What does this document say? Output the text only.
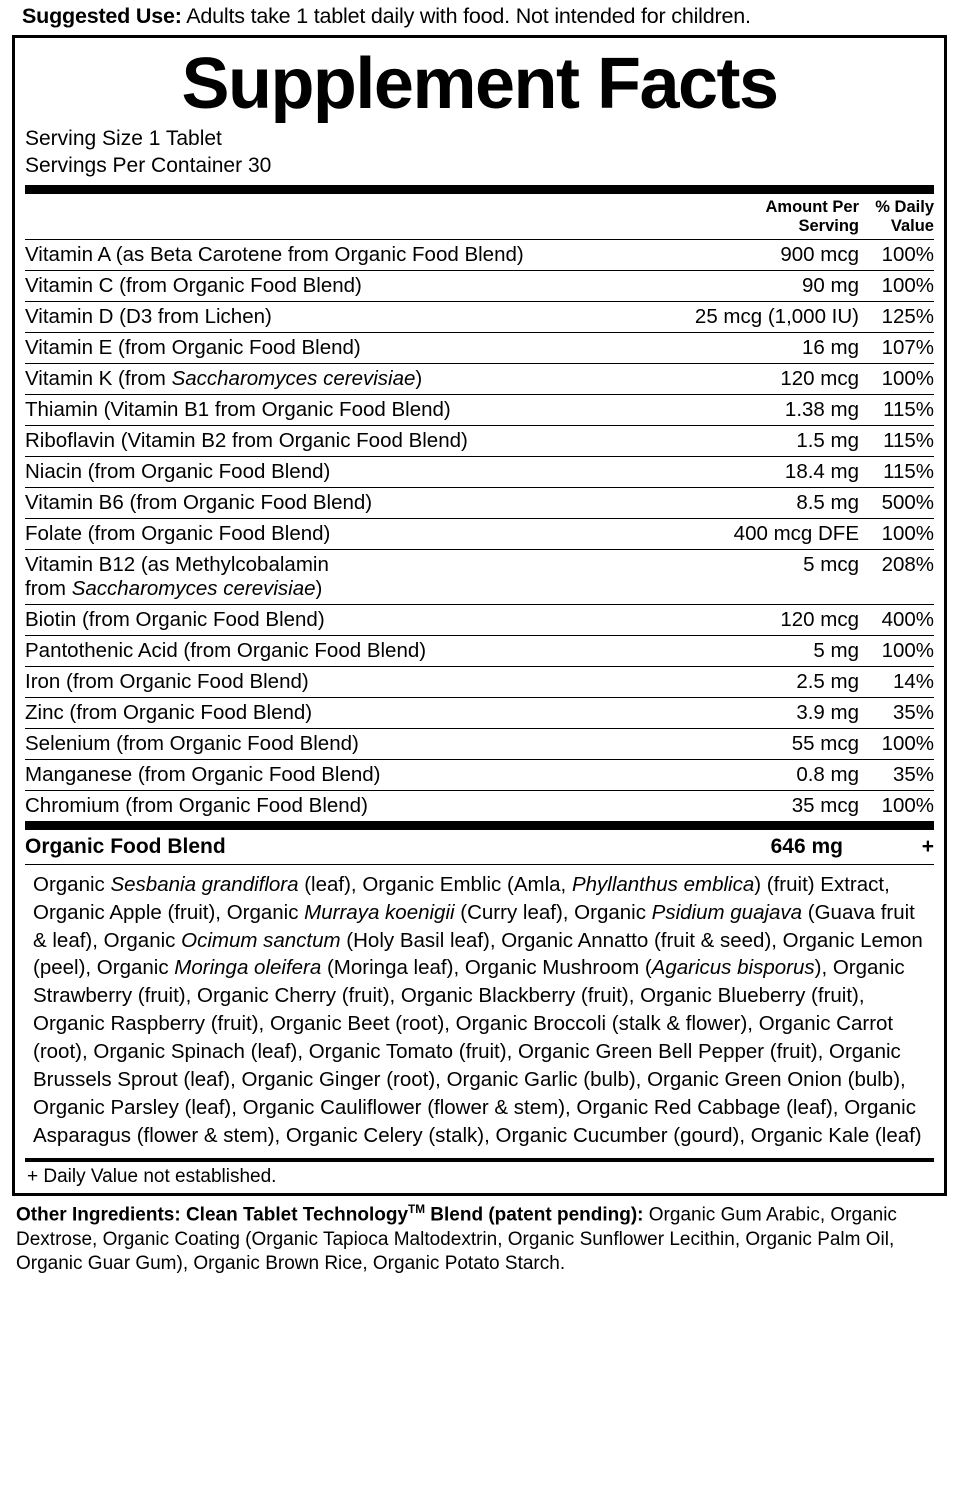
Suggested Use: Adults take 1 tablet daily with food. Not intended for children.
Supplement Facts
Serving Size 1 Tablet
Servings Per Container 30

Amount Per
Serving

% Daily
Value

Vitamin A (as Beta Carotene from Organic Food Blend)	900 mcg	100%
Vitamin C (from Organic Food Blend)	90 mg	100%
Vitamin D (D3 from Lichen)	25 mcg (1,000 IU)	125%
Vitamin E (from Organic Food Blend)	16 mg	107%
Vitamin K (from Saccharomyces cerevisiae)	120 mcg	100%
Thiamin (Vitamin B1 from Organic Food Blend)	1.38 mg	115%
Riboflavin (Vitamin B2 from Organic Food Blend)	1.5 mg	115%
Niacin (from Organic Food Blend)	18.4 mg	115%
Vitamin B6 (from Organic Food Blend)	8.5 mg	500%
Folate (from Organic Food Blend)	400 mcg DFE	100%
Vitamin B12 (as Methylcobalamin
from Saccharomyces cerevisiae)	5 mcg	208%
Biotin (from Organic Food Blend)	120 mcg	400%
Pantothenic Acid (from Organic Food Blend)	5 mg	100%
Iron (from Organic Food Blend)	2.5 mg	14%
Zinc (from Organic Food Blend)	3.9 mg	35%
Selenium (from Organic Food Blend)	55 mcg	100%
Manganese (from Organic Food Blend)	0.8 mg	35%
Chromium (from Organic Food Blend)	35 mcg	100%
Organic Food Blend	646 mg	+
Organic Sesbania grandiflora (leaf), Organic Emblic (Amla, Phyllanthus emblica) (fruit) Extract, Organic Apple (fruit), Organic Murraya koenigii (Curry leaf), Organic Psidium guajava (Guava fruit & leaf), Organic Ocimum sanctum (Holy Basil leaf), Organic Annatto (fruit & seed), Organic Lemon (peel), Organic Moringa oleifera (Moringa leaf), Organic Mushroom (Agaricus bisporus), Organic Strawberry (fruit), Organic Cherry (fruit), Organic Blackberry (fruit), Organic Blueberry (fruit), Organic Raspberry (fruit), Organic Beet (root), Organic Broccoli (stalk & flower), Organic Carrot (root), Organic Spinach (leaf), Organic Tomato (fruit), Organic Green Bell Pepper (fruit), Organic Brussels Sprout (leaf), Organic Ginger (root), Organic Garlic (bulb), Organic Green Onion (bulb), Organic Parsley (leaf), Organic Cauliflower (flower & stem), Organic Red Cabbage (leaf), Organic Asparagus (flower & stem), Organic Celery (stalk), Organic Cucumber (gourd), Organic Kale (leaf)
+ Daily Value not established.
Other Ingredients: Clean Tablet Technology™ Blend (patent pending): Organic Gum Arabic, Organic Dextrose, Organic Coating (Organic Tapioca Maltodextrin, Organic Sunflower Lecithin, Organic Palm Oil, Organic Guar Gum), Organic Brown Rice, Organic Potato Starch.
